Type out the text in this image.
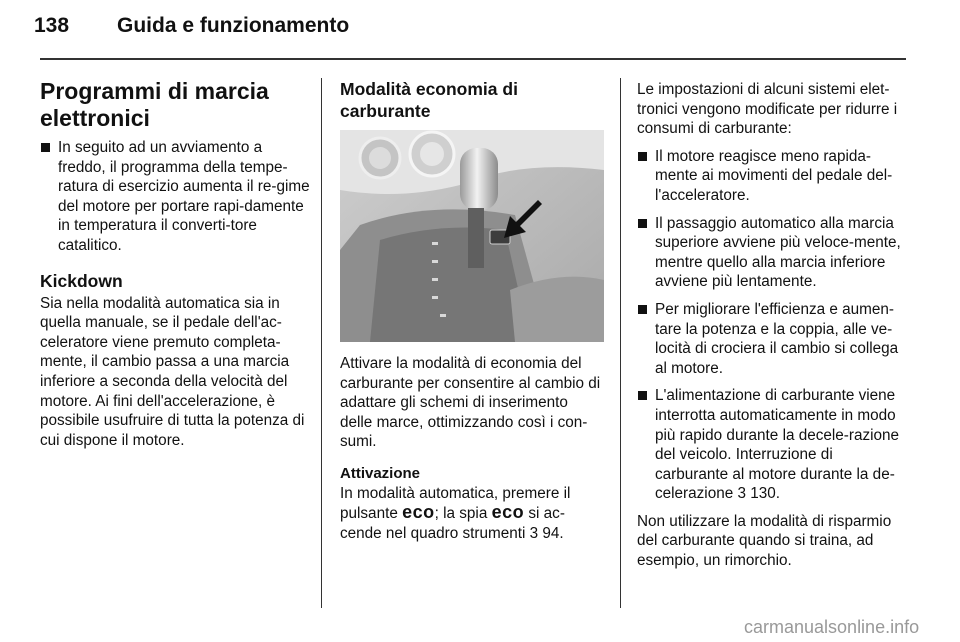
138 Guida e funzionamento
Programmi di marcia elettronici
In seguito ad un avviamento a freddo, il programma della tempe-ratura di esercizio aumenta il re-gime del motore per portare rapi-damente in temperatura il converti-tore catalitico.
Kickdown

Sia nella modalità automatica sia in quella manuale, se il pedale dell'ac-celeratore viene premuto completa-mente, il cambio passa a una marcia inferiore a seconda della velocità del motore. Ai fini dell'accelerazione, è possibile usufruire di tutta la potenza di cui dispone il motore.

Modalità economia di carburante

Attivare la modalità di economia del carburante per consentire al cambio di adattare gli schemi di inserimento delle marce, ottimizzando così i con-sumi.

Attivazione

In modalità automatica, premere il pulsante eco; la spia eco si ac-cende nel quadro strumenti 3 94.

Le impostazioni di alcuni sistemi elet-tronici vengono modificate per ridurre i consumi di carburante:

Il motore reagisce meno rapida-mente ai movimenti del pedale del-l'acceleratore.
Il passaggio automatico alla marcia superiore avviene più veloce-mente, mentre quello alla marcia inferiore avviene più lentamente.
Per migliorare l'efficienza e aumen-tare la potenza e la coppia, alle ve-locità di crociera il cambio si collega al motore.
L'alimentazione di carburante viene interrotta automaticamente in modo più rapido durante la decele-razione del veicolo. Interruzione di carburante al motore durante la de-celerazione 3 130.

Non utilizzare la modalità di risparmio del carburante quando si traina, ad esempio, un rimorchio.

carmanualsonline.info
